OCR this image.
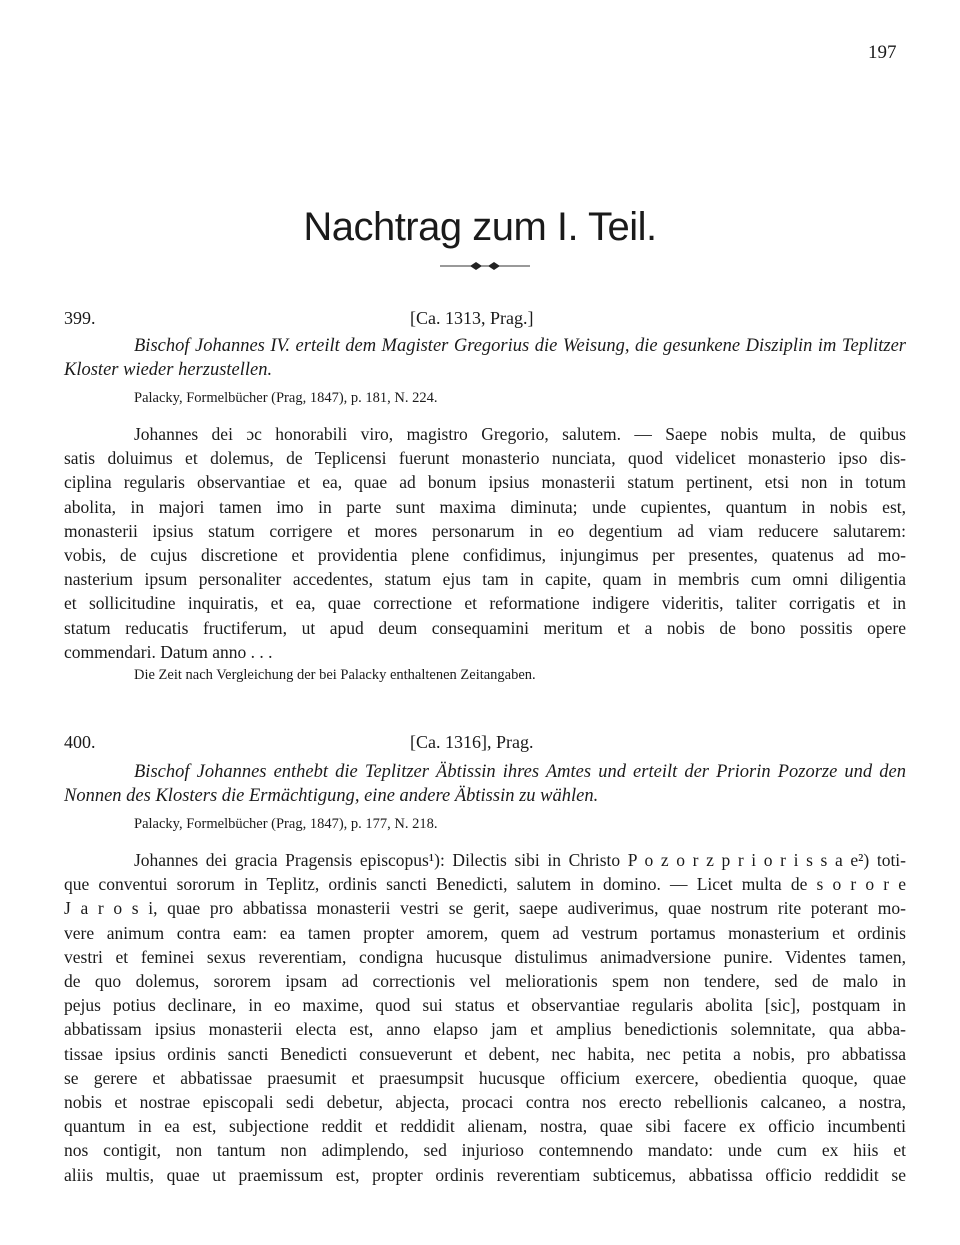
197
Nachtrag zum I. Teil.
399.	[Ca. 1313, Prag.]
Bischof Johannes IV. erteilt dem Magister Gregorius die Weisung, die gesunkene Disziplin im Teplitzer Kloster wieder herzustellen.
Palacky, Formelbücher (Prag, 1847), p. 181, N. 224.
Johannes dei ɔc honorabili viro, magistro Gregorio, salutem. — Saepe nobis multa, de quibus
satis doluimus et dolemus, de Teplicensi fuerunt monasterio nunciata, quod videlicet monasterio ipso dis-
ciplina regularis observantiae et ea, quae ad bonum ipsius monasterii statum pertinent, etsi non in totum
abolita, in majori tamen imo in parte sunt maxima diminuta; unde cupientes, quantum in nobis est,
monasterii ipsius statum corrigere et mores personarum in eo degentium ad viam reducere salutarem:
vobis, de cujus discretione et providentia plene confidimus, injungimus per presentes, quatenus ad mo-
nasterium ipsum personaliter accedentes, statum ejus tam in capite, quam in membris cum omni diligentia
et sollicitudine inquiratis, et ea, quae correctione et reformatione indigere videritis, taliter corrigatis et in
statum reducatis fructiferum, ut apud deum consequamini meritum et a nobis de bono possitis opere
commendari. Datum anno . . .
Die Zeit nach Vergleichung der bei Palacky enthaltenen Zeitangaben.
400.	[Ca. 1316], Prag.
Bischof Johannes enthebt die Teplitzer Äbtissin ihres Amtes und erteilt der Priorin Pozorze und den Nonnen des Klosters die Ermächtigung, eine andere Äbtissin zu wählen.
Palacky, Formelbücher (Prag, 1847), p. 177, N. 218.
Johannes dei gracia Pragensis episcopus¹): Dilectis sibi in Christo P o z o r z p r i o r i s s a e²) toti-
que conventui sororum in Teplitz, ordinis sancti Benedicti, salutem in domino. — Licet multa de s o r o r e
J a r o s i, quae pro abbatissa monasterii vestri se gerit, saepe audiverimus, quae nostrum rite poterant mo-
vere animum contra eam: ea tamen propter amorem, quem ad vestrum portamus monasterium et ordinis
vestri et feminei sexus reverentiam, condigna hucusque distulimus animadversione punire. Videntes tamen,
de quo dolemus, sororem ipsam ad correctionis vel meliorationis spem non tendere, sed de malo in
pejus potius declinare, in eo maxime, quod sui status et observantiae regularis abolita [sic], postquam in
abbatissam ipsius monasterii electa est, anno elapso jam et amplius benedictionis solemnitate, qua abba-
tissae ipsius ordinis sancti Benedicti consueverunt et debent, nec habita, nec petita a nobis, pro abbatissa
se gerere et abbatissae praesumit et praesumpsit hucusque officium exercere, obedientia quoque, quae
nobis et nostrae episcopali sedi debetur, abjecta, procaci contra nos erecto rebellionis calcaneo, a nostra,
quantum in ea est, subjectione reddit et reddidit alienam, nostra, quae sibi facere ex officio incumbenti
nos contigit, non tantum non adimplendo, sed injurioso contemnendo mandato: unde cum ex hiis et
aliis multis, quae ut praemissum est, propter ordinis reverentiam subticemus, abbatissa officio reddidit se
